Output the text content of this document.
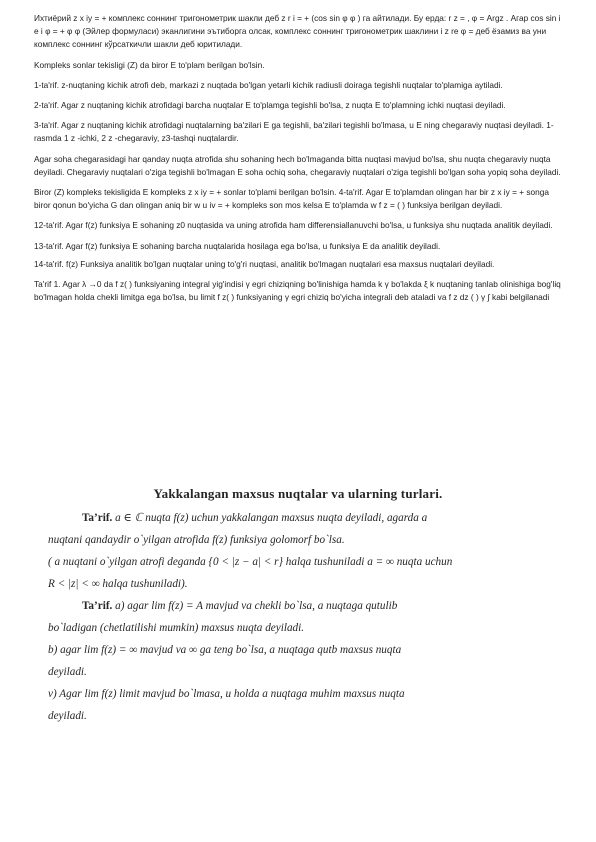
Ихтиёрий z x iy = + комплекс соннинг тригонометрик шакли деб z r i = + (cos sin φ φ ) га айтилади. Бу ерда: r z = , φ = Argz . Агар cos sin i e i φ = + φ φ (Эйлер формуласи) эканлигини эътиборга олсак, комплекс соннинг тригонометрик шаклини i z re φ = деб ёзамиз ва уни комплекс соннинг кўрсаткичли шакли деб юритилади.

Kompleks sonlar tekisligi (Z) da biror E to'plam berilgan bo'lsin.

1-ta'rif. z-nuqtaning kichik atrofi deb, markazi z nuqtada bo'lgan yetarli kichik radiusli doiraga tegishli nuqtalar to'plamiga aytiladi.

2-ta'rif. Agar z nuqtaning kichik atrofidagi barcha nuqtalar E to'plamga tegishli bo'lsa, z nuqta E to'plamning ichki nuqtasi deyiladi.

3-ta'rif. Agar z nuqtaning kichik atrofidagi nuqtalarning ba'zilari E ga tegishli, ba'zilari tegishli bo'lmasa, u E ning chegaraviy nuqtasi deyiladi. 1-rasmda 1 z -ichki, 2 z -chegaraviy, z3-tashqi nuqtalardir.

Agar soha chegarasidagi har qanday nuqta atrofida shu sohaning hech bo'lmaganda bitta nuqtasi mavjud bo'lsa, shu nuqta chegaraviy nuqta deyiladi. Chegaraviy nuqtalari o'ziga tegishli bo'lmagan E soha ochiq soha, chegaraviy nuqtalari o'ziga tegishli bo'lgan soha yopiq soha deyiladi.

Biror (Z) kompleks tekisligida E kompleks z x iy = + sonlar to'plami berilgan bo'lsin. 4-ta'rif. Agar E to'plamdan olingan har bir z x iy = + songa biror qonun bo'yicha G dan olingan aniq bir w u iv = + kompleks son mos kelsa E to'plamda w f z = ( ) funksiya berilgan deyiladi.

12-ta'rif. Agar f(z) funksiya E sohaning z0 nuqtasida va uning atrofida ham differensiallanuvchi bo'lsa, u funksiya shu nuqtada analitik deyiladi.

13-ta'rif. Agar f(z) funksiya E sohaning barcha nuqtalarida hosilaga ega bo'lsa, u funksiya E da analitik deyiladi.

14-ta'rif. f(z) Funksiya analitik bo'lgan nuqtalar uning to'g'ri nuqtasi, analitik bo'lmagan nuqtalari esa maxsus nuqtalari deyiladi.

Ta'rif 1. Agar λ →0 da f z( ) funksiyaning integral yig'indisi γ egri chiziqning bo'linishiga hamda k γ bo'lakda ξ k nuqtaning tanlab olinishiga bog'liq bo'lmagan holda chekli limitga ega bo'lsa, bu limit f z( ) funksiyaning γ egri chiziq bo'yicha integrali deb ataladi va f z dz ( ) γ ∫ kabi belgilanadi

Yakkalangan maxsus nuqtalar va ularning turlari.
Ta’rif. a ∈ ℂ nuqta f(z) uchun yakkalangan maxsus nuqta deyiladi, agarda a
nuqtani qandaydir o`yilgan atrofida f(z) funksiya golomorf bo`lsa.
( a nuqtani o`yilgan atrofi deganda {0 < |z − a| < r} halqa tushuniladi a = ∞ nuqta uchun
R < |z| < ∞ halqa tushuniladi).
Ta’rif. a) agar lim f(z) = A mavjud va chekli bo`lsa, a nuqtaga qutulib
bo`ladigan (chetlatilishi mumkin) maxsus nuqta deyiladi.
b) agar lim f(z) = ∞ mavjud va ∞ ga teng bo`lsa, a nuqtaga qutb maxsus nuqta
deyiladi.
v) Agar lim f(z) limit mavjud bo`lmasa, u holda a nuqtaga muhim maxsus nuqta
deyiladi.
